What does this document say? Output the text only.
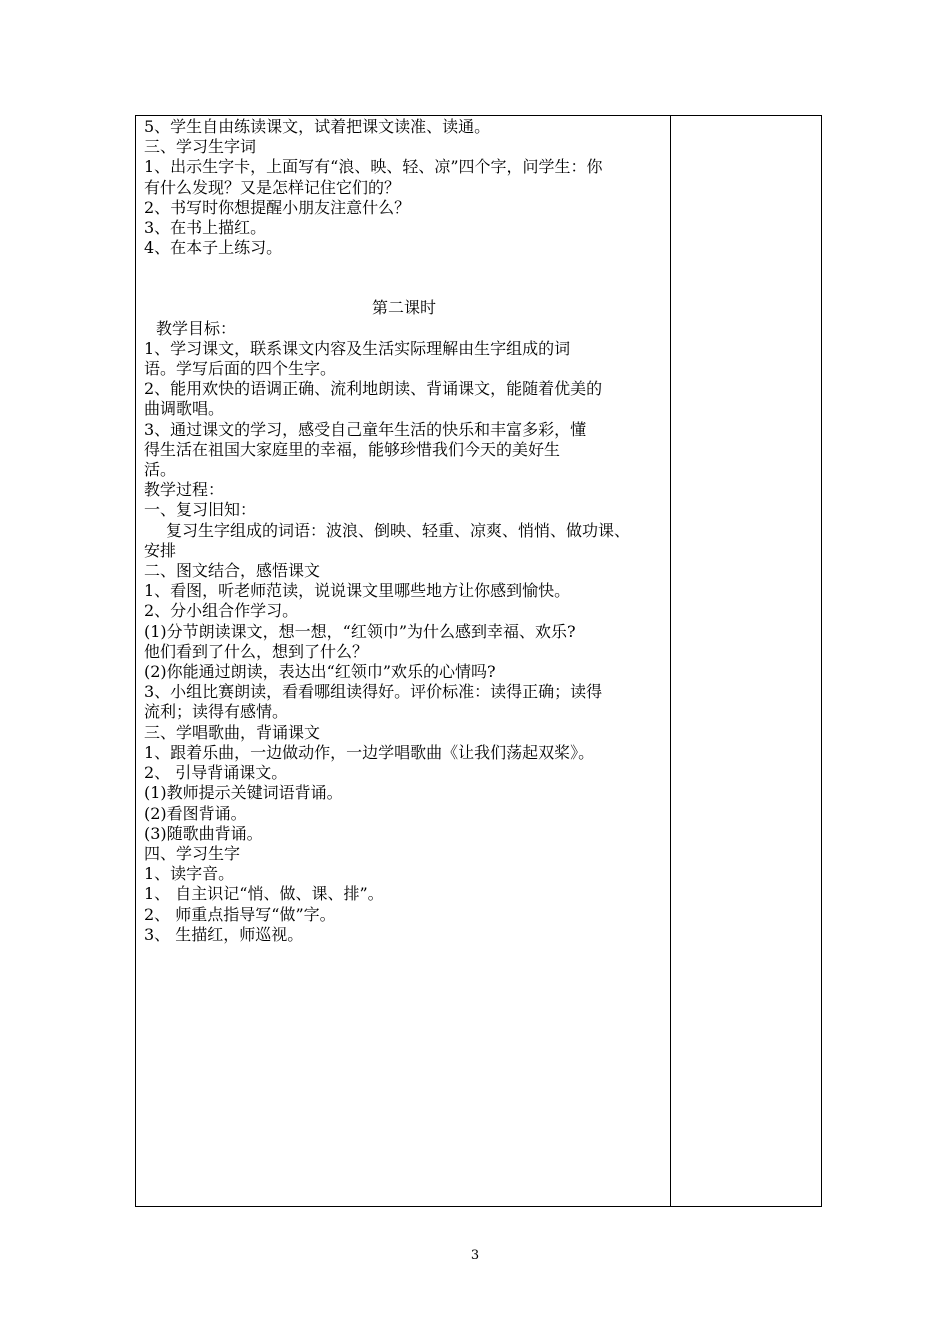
5、学生自由练读课文，试着把课文读准、读通。

三、学习生字词

1、出示生字卡，上面写有“浪、映、轻、凉”四个字，问学生：你

有什么发现？又是怎样记住它们的？

2、书写时你想提醒小朋友注意什么？

3、在书上描红。

4、在本子上练习。

第二课时

教学目标：

1、学习课文，联系课文内容及生活实际理解由生字组成的词

语。学写后面的四个生字。

2、能用欢快的语调正确、流利地朗读、背诵课文，能随着优美的

曲调歌唱。

3、通过课文的学习，感受自己童年生活的快乐和丰富多彩，懂

得生活在祖国大家庭里的幸福，能够珍惜我们今天的美好生

活。

教学过程：

一、复习旧知：

复习生字组成的词语：波浪、倒映、轻重、凉爽、悄悄、做功课、

安排

二、图文结合，感悟课文

1、看图，听老师范读，说说课文里哪些地方让你感到愉快。

2、分小组合作学习。

(1)分节朗读课文，想一想，“红领巾”为什么感到幸福、欢乐?

他们看到了什么，想到了什么？

(2)你能通过朗读，表达出“红领巾”欢乐的心情吗?

3、小组比赛朗读，看看哪组读得好。评价标准：读得正确；读得

流利；读得有感情。

三、学唱歌曲，背诵课文

1、跟着乐曲，一边做动作，一边学唱歌曲《让我们荡起双桨》。

2、 引导背诵课文。

(1)教师提示关键词语背诵。

(2)看图背诵。

(3)随歌曲背诵。

四、学习生字

1、读字音。

1、 自主识记“悄、做、课、排”。

2、 师重点指导写“做”字。

3、 生描红，师巡视。

3
